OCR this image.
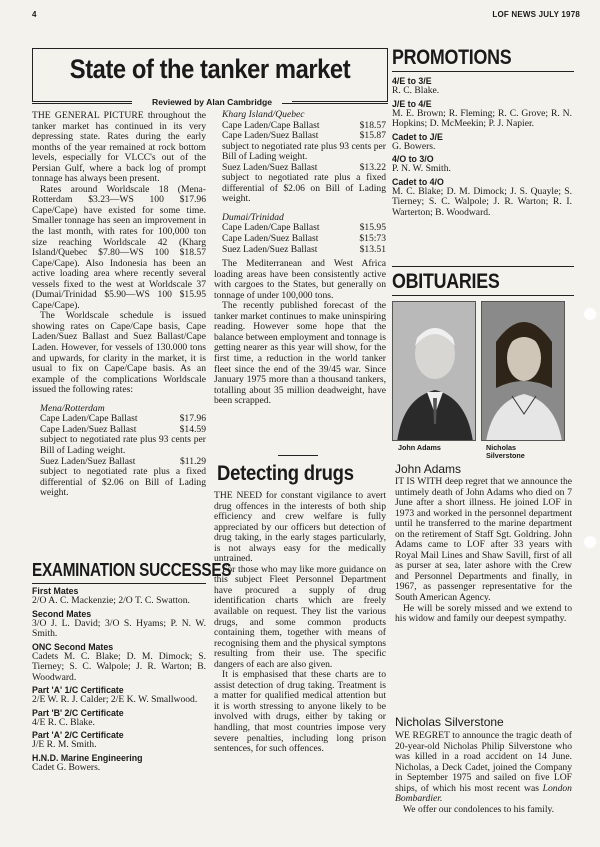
4	LOF NEWS JULY 1978
State of the tanker market
Reviewed by Alan Cambridge

THE GENERAL PICTURE throughout the tanker market has continued in its very depressing state. Rates during the early months of the year remained at rock bottom levels, especially for VLCC's out of the Persian Gulf, where a back log of prompt tonnage has always been present.

Rates around Worldscale 18 (Mena-Rotterdam $3.23—WS 100 $17.96 Cape/Cape) have existed for some time. Smaller tonnage has seen an improvement in the last month, with rates for 100,000 ton size reaching Worldscale 42 (Kharg Island/Quebec $7.80—WS 100 $18.57 Cape/Cape). Also Indonesia has been an active loading area where recently several vessels fixed to the west at Worldscale 37 (Dumai/Trinidad $5.90—WS 100 $15.95 Cape/Cape).

The Worldscale schedule is issued showing rates on Cape/Cape basis, Cape Laden/Suez Ballast and Suez Ballast/Cape Laden. However, for vessels of 130.000 tons and upwards, for clarity in the market, it is usual to fix on Cape/Cape basis. As an example of the complications Worldscale issued the following rates:

Mena/Rotterdam
Cape Laden/Cape Ballast	$17.96
Cape Laden/Suez Ballast	$14.59
subject to negotiated rate plus 93 cents per Bill of Lading weight.
Suez Laden/Suez Ballast	$11.29
subject to negotiated rate plus a fixed differential of $2.06 on Bill of Lading weight.
EXAMINATION SUCCESSES
First Mates
2/O A. C. Mackenzie; 2/O T. C. Swatton.
Second Mates
3/O J. L. David; 3/O S. Hyams; P. N. W. Smith.
ONC Second Mates
Cadets M. C. Blake; D. M. Dimock; S. Tierney; S. C. Walpole; J. R. Warton; B. Woodward.
Part 'A' 1/C Certificate
2/E W. R. J. Calder; 2/E K. W. Smallwood.
Part 'B' 2/C Certificate
4/E R. C. Blake.
Part 'A' 2/C Certificate
J/E R. M. Smith.
H.N.D. Marine Engineering
Cadet G. Bowers.
Kharg Island/Quebec
Cape Laden/Cape Ballast	$18.57
Cape Laden/Suez Ballast	$15.87
subject to negotiated rate plus 93 cents per Bill of Lading weight.
Suez Laden/Suez Ballast	$13.22
subject to negotiated rate plus a fixed differential of $2.06 on Bill of Lading weight.
Dumai/Trinidad
Cape Laden/Cape Ballast	$15.95
Cape Laden/Suez Ballast	$15:73
Suez Laden/Suez Ballast	$13.51

The Mediterranean and West Africa loading areas have been consistently active with cargoes to the States, but generally on tonnage of under 100,000 tons.

The recently published forecast of the tanker market continues to make uninspiring reading. However some hope that the balance between employment and tonnage is getting nearer as this year will show, for the first time, a reduction in the world tanker fleet since the end of the 39/45 war. Since January 1975 more than a thousand tankers, totalling about 35 million deadweight, have been scrapped.

Detecting drugs

THE NEED for constant vigilance to avert drug offences in the interests of both ship efficiency and crew welfare is fully appreciated by our officers but detection of drug taking, in the early stages particularly, is not always easy for the medically untrained.

For those who may like more guidance on this subject Fleet Personnel Department have procured a supply of drug identification charts which are freely available on request. They list the various drugs, and some common products containing them, together with means of recognising them and the physical symptons resulting from their use. The specific dangers of each are also given.

It is emphasised that these charts are to assist detection of drug taking. Treatment is a matter for qualified medical attention but it is worth stressing to anyone likely to be involved with drugs, either by taking or handling, that most countries impose very severe penalties, including long prison sentences, for such offences.

PROMOTIONS
4/E to 3/E
R. C. Blake.
J/E to 4/E
M. E. Brown; R. Fleming; R. C. Grove; R. N. Hopkins; D. McMeekin; P. J. Napier.
Cadet to J/E
G. Bowers.
4/O to 3/O
P. N. W. Smith.
Cadet to 4/O
M. C. Blake; D. M. Dimock; J. S. Quayle; S. Tierney; S. C. Walpole; J. R. Warton; R. I. Warterton; B. Woodward.
OBITUARIES
John Adams	Nicholas
Silverstone
John Adams

IT IS WITH deep regret that we announce the untimely death of John Adams who died on 7 June after a short illness. He joined LOF in 1973 and worked in the personnel department until he transferred to the marine department on the retirement of Staff Sgt. Goldring. John Adams came to LOF after 33 years with Royal Mail Lines and Shaw Savill, first of all as purser at sea, later ashore with the Crew and Personnel Departments and finally, in 1967, as passenger representative for the South American Agency.

He will be sorely missed and we extend to his widow and family our deepest sympathy.

Nicholas Silverstone

WE REGRET to announce the tragic death of 20-year-old Nicholas Philip Silverstone who was killed in a road accident on 14 June. Nicholas, a Deck Cadet, joined the Company in September 1975 and sailed on five LOF ships, of which his most recent was London Bombardier.

We offer our condolences to his family.
